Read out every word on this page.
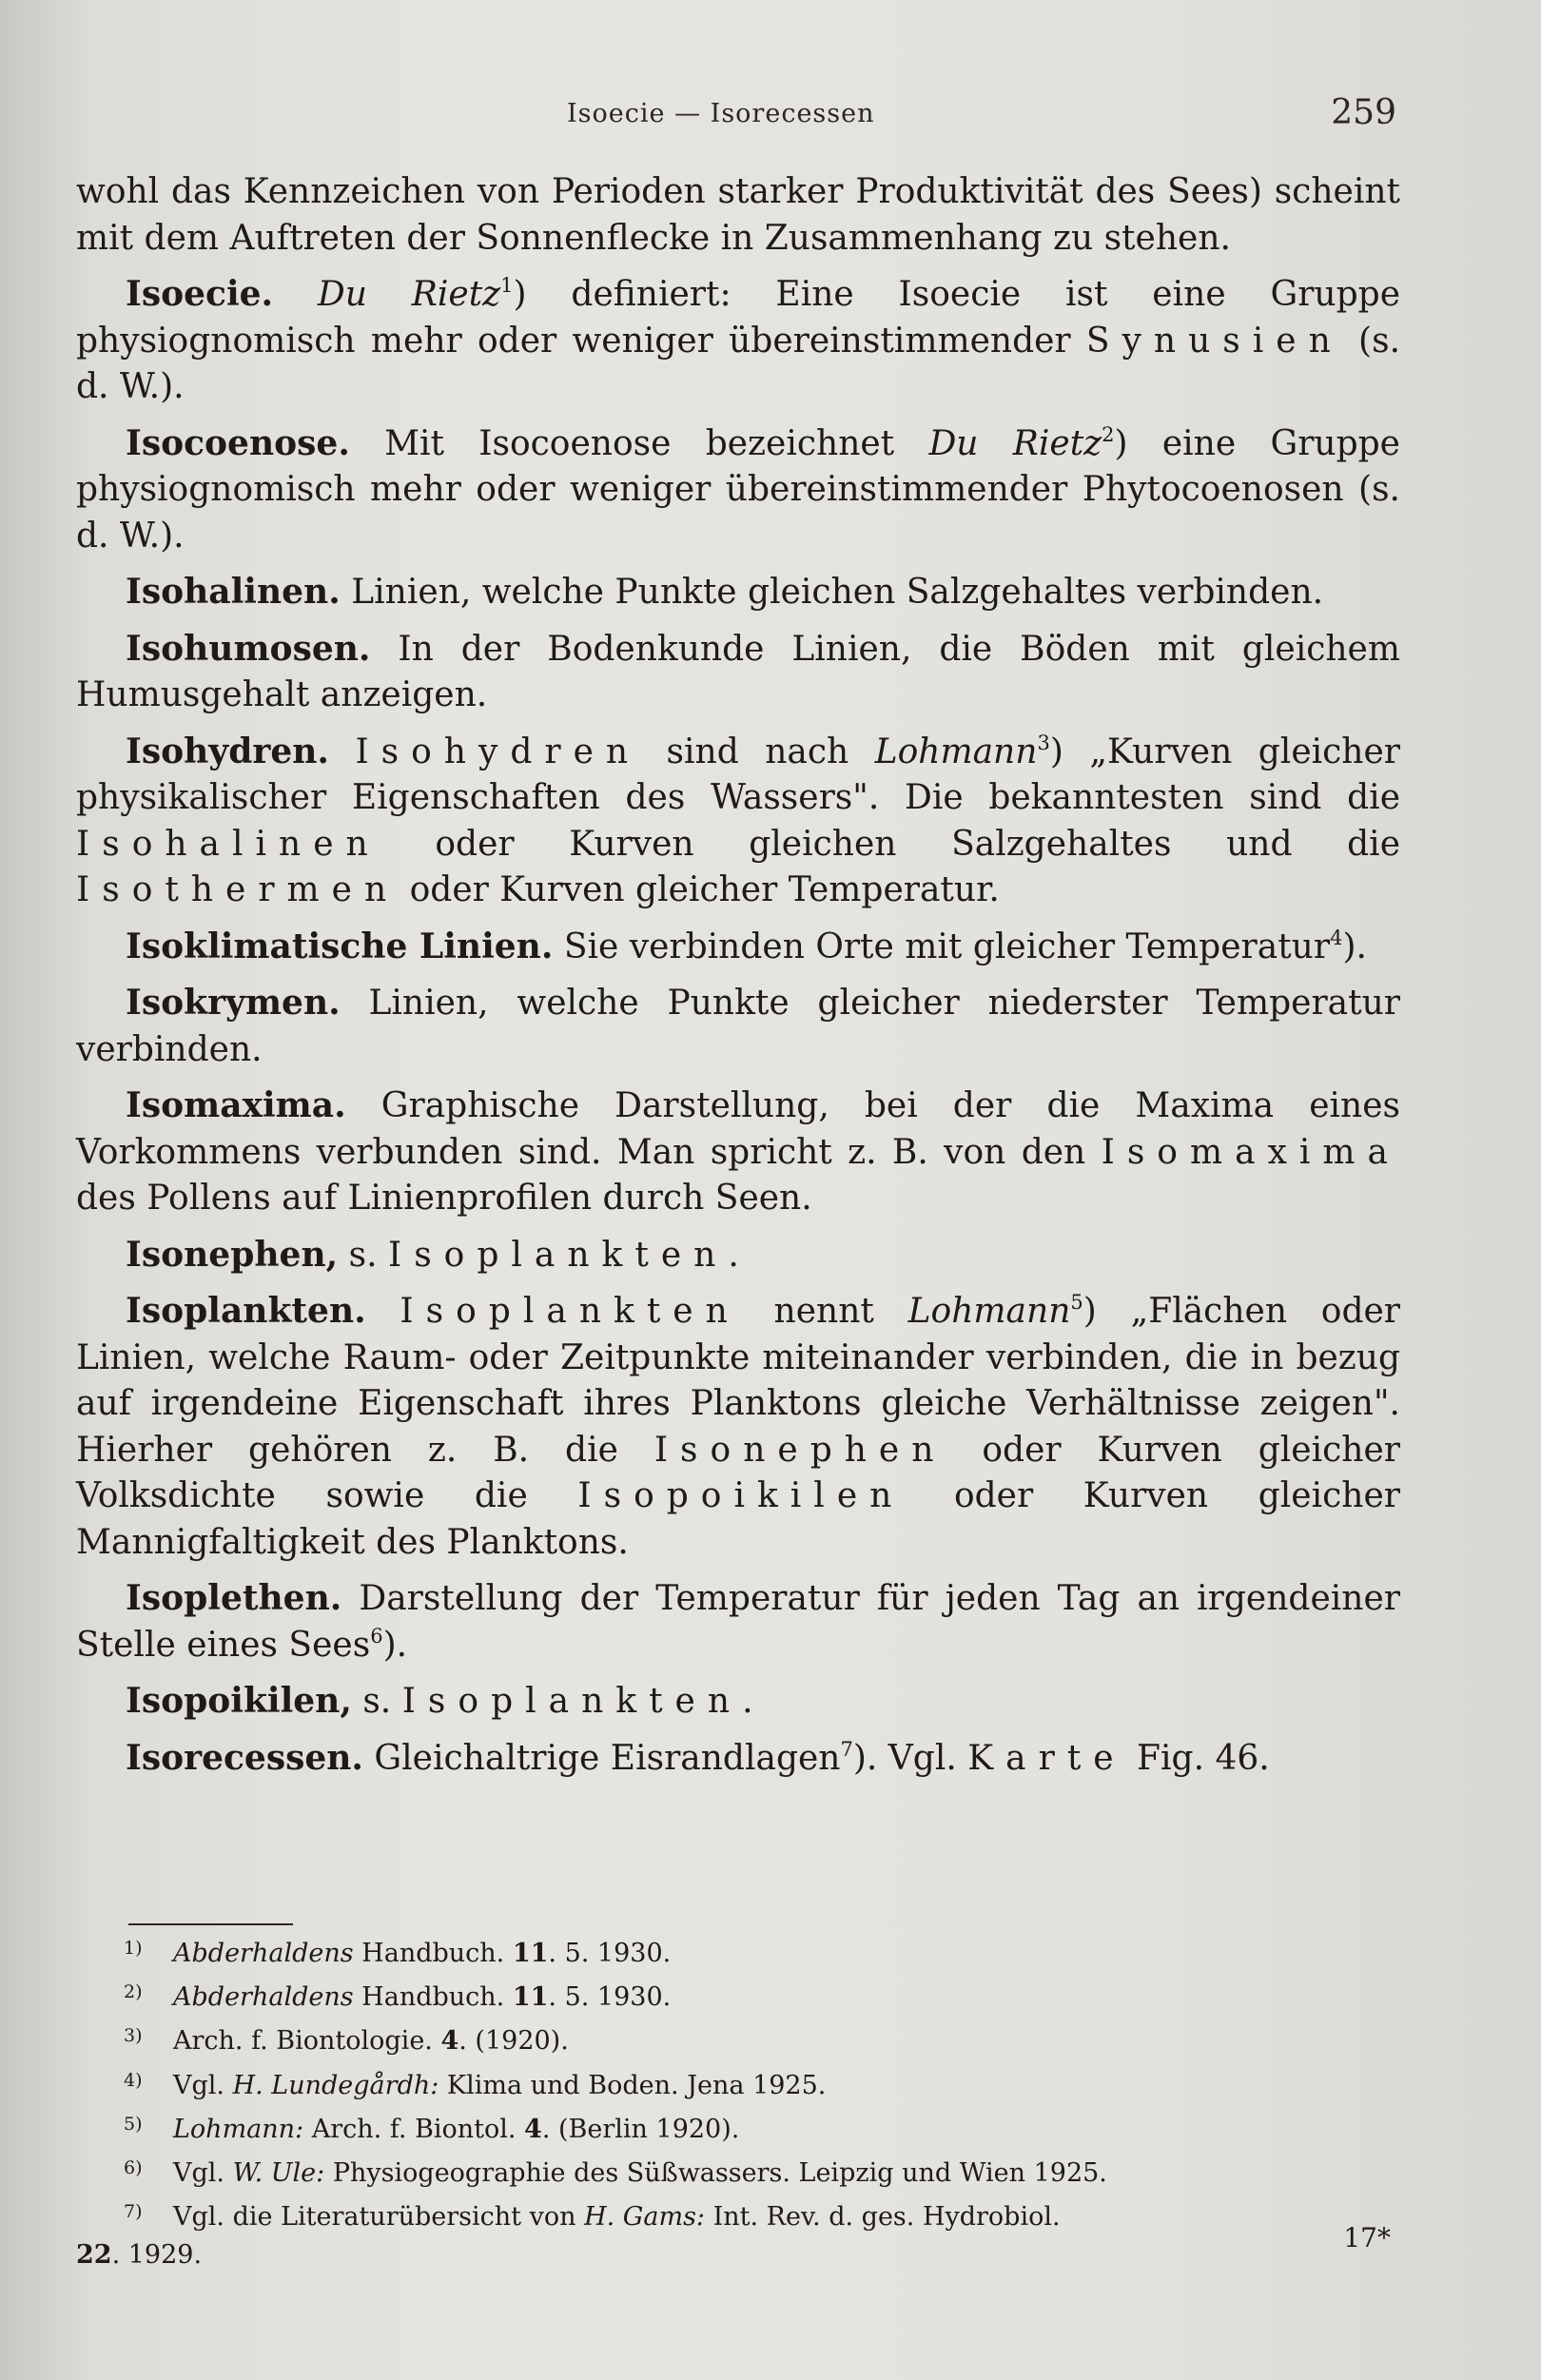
Isoecie — Isorecessen	259

wohl das Kennzeichen von Perioden starker Produktivität des Sees) scheint mit dem Auftreten der Sonnenflecke in Zusammenhang zu stehen.

Isoecie. Du Rietz$^1$) definiert: Eine Isoecie ist eine Gruppe physiognomisch mehr oder weniger übereinstimmender Synusien (s. d. W.).

Isocoenose. Mit Isocoenose bezeichnet Du Rietz$^2$) eine Gruppe physiognomisch mehr oder weniger übereinstimmender Phytocoenosen (s. d. W.).

Isohalinen. Linien, welche Punkte gleichen Salzgehaltes verbinden.

Isohumosen. In der Bodenkunde Linien, die Böden mit gleichem Humusgehalt anzeigen.

Isohydren. Isohydren sind nach Lohmann$^3$) „Kurven gleicher physikalischer Eigenschaften des Wassers". Die bekanntesten sind die Isohalinen oder Kurven gleichen Salzgehaltes und die Isothermen oder Kurven gleicher Temperatur.

Isoklimatische Linien. Sie verbinden Orte mit gleicher Temperatur$^4$).

Isokrymen. Linien, welche Punkte gleicher niederster Temperatur verbinden.

Isomaxima. Graphische Darstellung, bei der die Maxima eines Vorkommens verbunden sind. Man spricht z. B. von den Isomaxima des Pollens auf Linienprofilen durch Seen.

Isonephen, s. Isoplankten.

Isoplankten. Isoplankten nennt Lohmann$^5$) „Flächen oder Linien, welche Raum- oder Zeitpunkte miteinander verbinden, die in bezug auf irgendeine Eigenschaft ihres Planktons gleiche Verhältnisse zeigen". Hierher gehören z. B. die Isonephen oder Kurven gleicher Volksdichte sowie die Isopoikilen oder Kurven gleicher Mannigfaltigkeit des Planktons.

Isoplethen. Darstellung der Temperatur für jeden Tag an irgendeiner Stelle eines Sees$^6$).

Isopoikilen, s. Isoplankten.

Isorecessen. Gleichaltrige Eisrandlagen$^7$). Vgl. Karte Fig. 46.

1) Abderhaldens Handbuch. 11. 5. 1930.
2) Abderhaldens Handbuch. 11. 5. 1930.
3) Arch. f. Biontologie. 4. (1920).
4) Vgl. H. Lundegårdh: Klima und Boden. Jena 1925.
5) Lohmann: Arch. f. Biontol. 4. (Berlin 1920).
6) Vgl. W. Ule: Physiogeographie des Süßwassers. Leipzig und Wien 1925.
7) Vgl. die Literaturübersicht von H. Gams: Int. Rev. d. ges. Hydrobiol.
22. 1929.
17*
